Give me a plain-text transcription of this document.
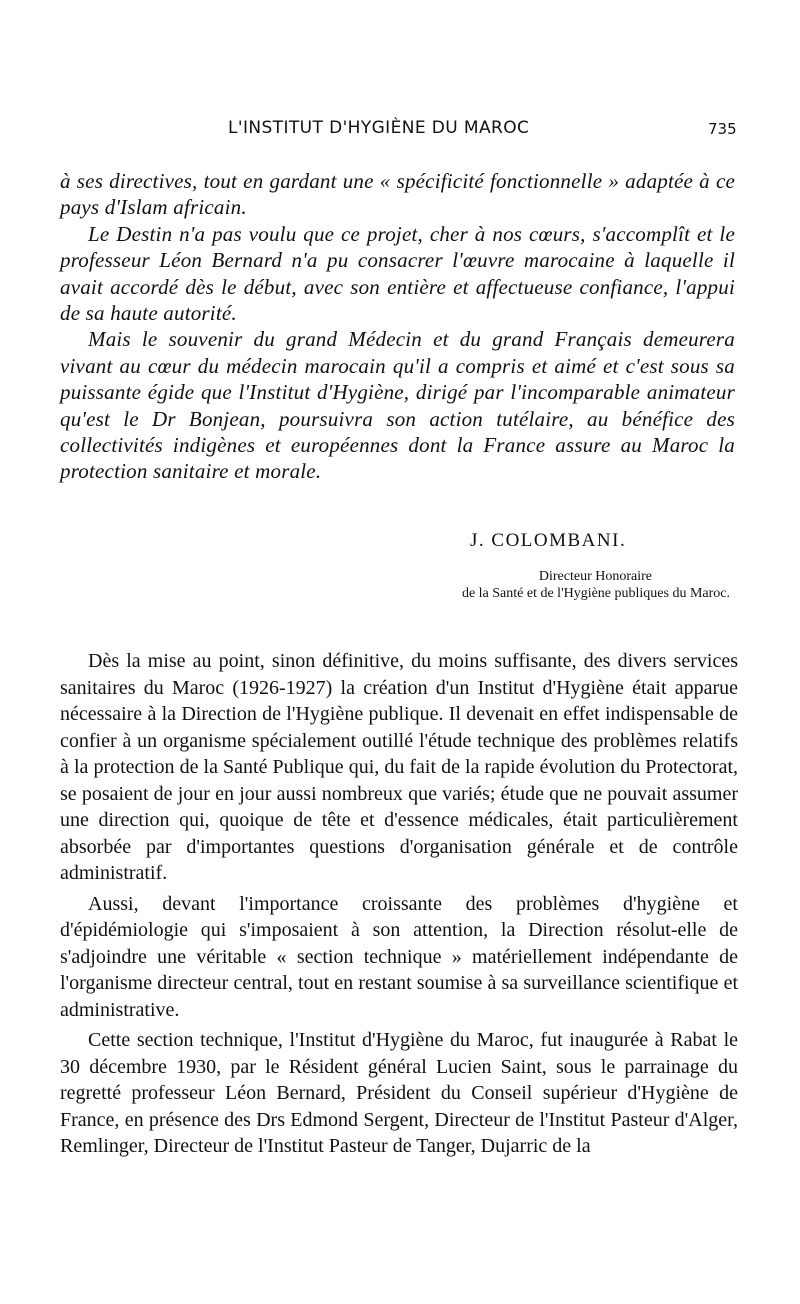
L'INSTITUT D'HYGIÈNE DU MAROC	735

à ses directives, tout en gardant une « spécificité fonctionnelle » adaptée à ce pays d'Islam africain.

Le Destin n'a pas voulu que ce projet, cher à nos cœurs, s'accomplît et le professeur Léon Bernard n'a pu consacrer l'œuvre marocaine à laquelle il avait accordé dès le début, avec son entière et affectueuse confiance, l'appui de sa haute autorité.

Mais le souvenir du grand Médecin et du grand Français demeurera vivant au cœur du médecin marocain qu'il a compris et aimé et c'est sous sa puissante égide que l'Institut d'Hygiène, dirigé par l'incomparable animateur qu'est le Dr Bonjean, poursuivra son action tutélaire, au bénéfice des collectivités indigènes et européennes dont la France assure au Maroc la protection sanitaire et morale.

J. COLOMBANI.
Directeur Honoraire
de la Santé et de l'Hygiène publiques du Maroc.

Dès la mise au point, sinon définitive, du moins suffisante, des divers services sanitaires du Maroc (1926-1927) la création d'un Institut d'Hygiène était apparue nécessaire à la Direction de l'Hygiène publique. Il devenait en effet indispensable de confier à un organisme spécialement outillé l'étude technique des problèmes relatifs à la protection de la Santé Publique qui, du fait de la rapide évolution du Protectorat, se posaient de jour en jour aussi nombreux que variés; étude que ne pouvait assumer une direction qui, quoique de tête et d'essence médicales, était particulièrement absorbée par d'importantes questions d'organisation générale et de contrôle administratif.

Aussi, devant l'importance croissante des problèmes d'hygiène et d'épidémiologie qui s'imposaient à son attention, la Direction résolut-elle de s'adjoindre une véritable « section technique » matériellement indépendante de l'organisme directeur central, tout en restant soumise à sa surveillance scientifique et administrative.

Cette section technique, l'Institut d'Hygiène du Maroc, fut inaugurée à Rabat le 30 décembre 1930, par le Résident général Lucien Saint, sous le parrainage du regretté professeur Léon Bernard, Président du Conseil supérieur d'Hygiène de France, en présence des Drs Edmond Sergent, Directeur de l'Institut Pasteur d'Alger, Remlinger, Directeur de l'Institut Pasteur de Tanger, Dujarric de la
